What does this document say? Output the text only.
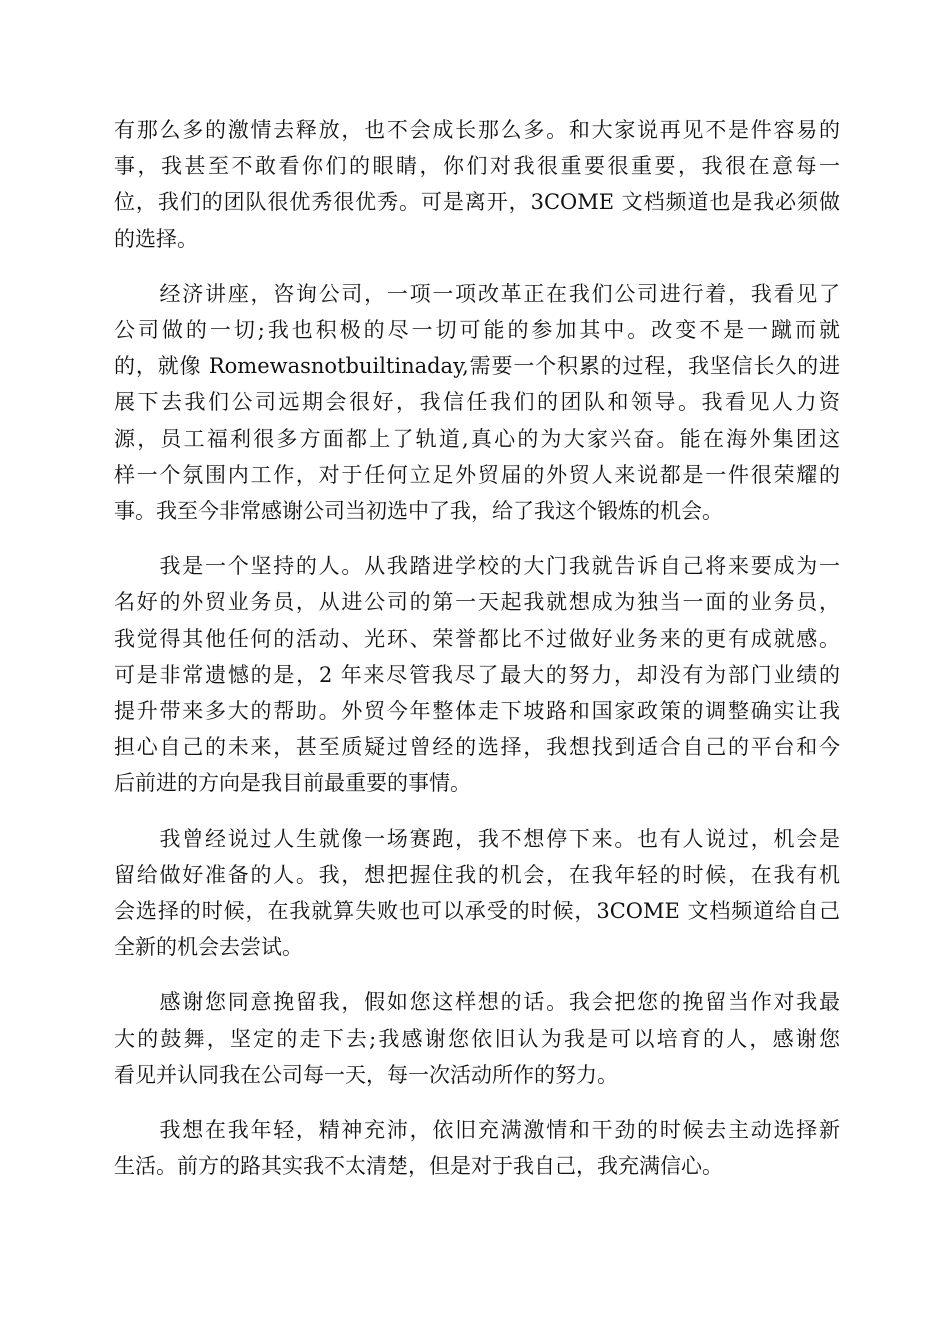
有那么多的激情去释放，也不会成长那么多。和大家说再见不是件容易的
事，我甚至不敢看你们的眼睛，你们对我很重要很重要，我很在意每一
位，我们的团队很优秀很优秀。可是离开，3COME 文档频道也是我必须做
的选择。

　　经济讲座，咨询公司，一项一项改革正在我们公司进行着，我看见了
公司做的一切;我也积极的尽一切可能的参加其中。改变不是一蹴而就
的，就像 Romewasnotbuiltinaday,需要一个积累的过程，我坚信长久的进
展下去我们公司远期会很好，我信任我们的团队和领导。我看见人力资
源，员工福利很多方面都上了轨道,真心的为大家兴奋。能在海外集团这
样一个氛围内工作，对于任何立足外贸届的外贸人来说都是一件很荣耀的
事。我至今非常感谢公司当初选中了我，给了我这个锻炼的机会。

　　我是一个坚持的人。从我踏进学校的大门我就告诉自己将来要成为一
名好的外贸业务员，从进公司的第一天起我就想成为独当一面的业务员，
我觉得其他任何的活动、光环、荣誉都比不过做好业务来的更有成就感。
可是非常遗憾的是，2 年来尽管我尽了最大的努力，却没有为部门业绩的
提升带来多大的帮助。外贸今年整体走下坡路和国家政策的调整确实让我
担心自己的未来，甚至质疑过曾经的选择，我想找到适合自己的平台和今
后前进的方向是我目前最重要的事情。

　　我曾经说过人生就像一场赛跑，我不想停下来。也有人说过，机会是
留给做好准备的人。我，想把握住我的机会，在我年轻的时候，在我有机
会选择的时候，在我就算失败也可以承受的时候，3COME 文档频道给自己
全新的机会去尝试。

　　感谢您同意挽留我，假如您这样想的话。我会把您的挽留当作对我最
大的鼓舞，坚定的走下去;我感谢您依旧认为我是可以培育的人，感谢您
看见并认同我在公司每一天，每一次活动所作的努力。

　　我想在我年轻，精神充沛，依旧充满激情和干劲的时候去主动选择新
生活。前方的路其实我不太清楚，但是对于我自己，我充满信心。
